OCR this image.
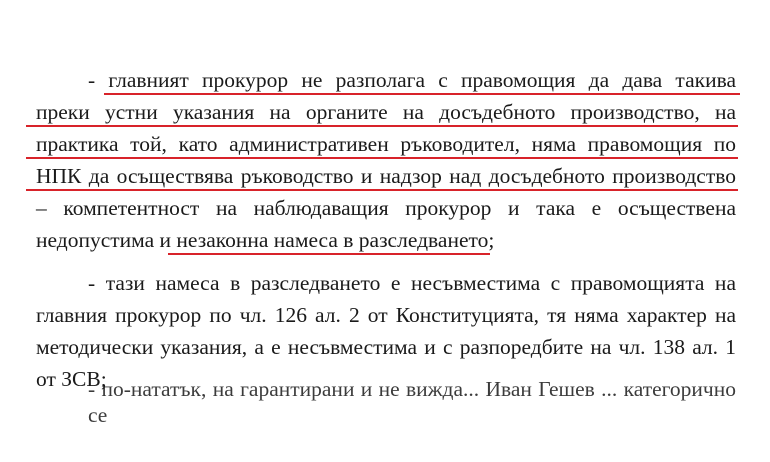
- главният прокурор не разполага с правомощия да дава такива
преки устни указания на органите на досъдебното производство, на
практика той, като административен ръководител, няма правомощия по
НПК да осъществява ръководство и надзор над досъдебното производство
– компетентност на наблюдаващия прокурор и така е осъществена
недопустима и незаконна намеса в разследването;
- тази намеса в разследването е несъвместима с правомощията на
главния прокурор по чл. 126 ал. 2 от Конституцията, тя няма характер на
методически указания, а е несъвместима и с разпоредбите на чл. 138 ал. 1
от ЗСВ;
- по-нататък, на гарантирани и не вижда... Иван Гешев ... категорично се
